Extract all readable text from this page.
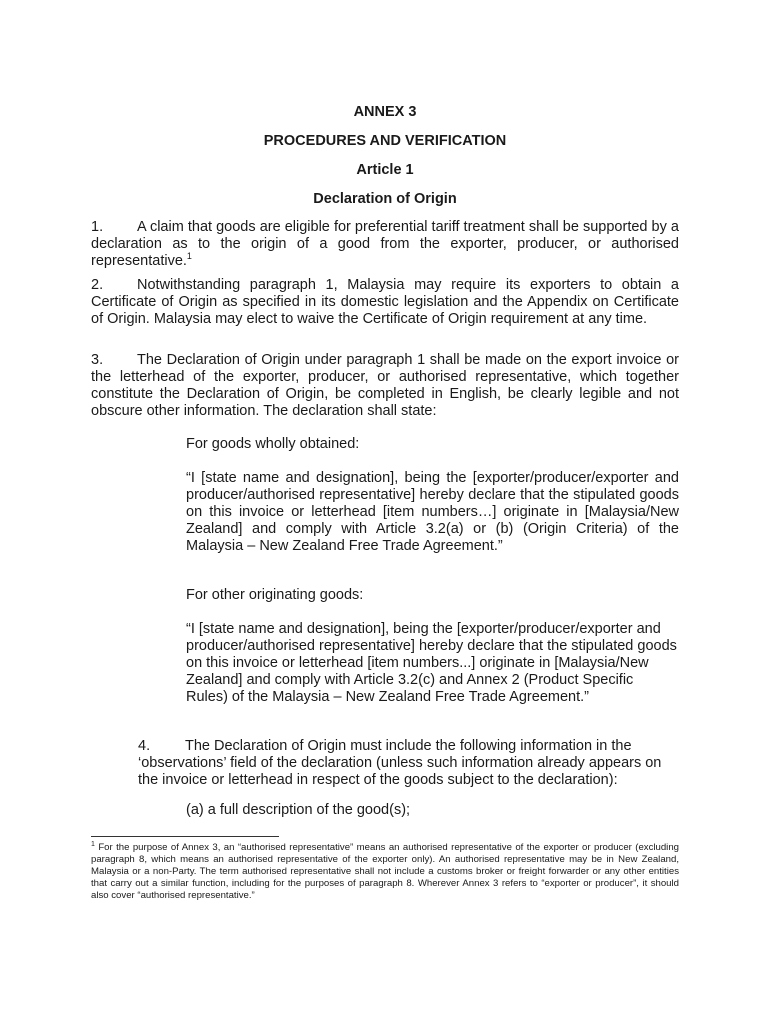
ANNEX 3

PROCEDURES AND VERIFICATION

Article 1

Declaration of Origin

1. A claim that goods are eligible for preferential tariff treatment shall be supported by a declaration as to the origin of a good from the exporter, producer, or authorised representative.$^1$

2. Notwithstanding paragraph 1, Malaysia may require its exporters to obtain a Certificate of Origin as specified in its domestic legislation and the Appendix on Certificate of Origin. Malaysia may elect to waive the Certificate of Origin requirement at any time.

3. The Declaration of Origin under paragraph 1 shall be made on the export invoice or the letterhead of the exporter, producer, or authorised representative, which together constitute the Declaration of Origin, be completed in English, be clearly legible and not obscure other information. The declaration shall state:

For goods wholly obtained:

“I [state name and designation], being the [exporter/producer/exporter and producer/authorised representative] hereby declare that the stipulated goods on this invoice or letterhead [item numbers…] originate in [Malaysia/New Zealand] and comply with Article 3.2(a) or (b) (Origin Criteria) of the Malaysia – New Zealand Free Trade Agreement.”

For other originating goods:

“I [state name and designation], being the [exporter/producer/exporter and producer/authorised representative] hereby declare that the stipulated goods on this invoice or letterhead [item numbers...] originate in [Malaysia/New Zealand] and comply with Article 3.2(c) and Annex 2 (Product Specific Rules) of the Malaysia – New Zealand Free Trade Agreement.”

4. The Declaration of Origin must include the following information in the ‘observations’ field of the declaration (unless such information already appears on the invoice or letterhead in respect of the goods subject to the declaration):

(a) a full description of the good(s);

$^1$ For the purpose of Annex 3, an “authorised representative” means an authorised representative of the exporter or producer (excluding paragraph 8, which means an authorised representative of the exporter only). An authorised representative may be in New Zealand, Malaysia or a non-Party. The term authorised representative shall not include a customs broker or freight forwarder or any other entities that carry out a similar function, including for the purposes of paragraph 8. Wherever Annex 3 refers to “exporter or producer”, it should also cover “authorised representative.”
